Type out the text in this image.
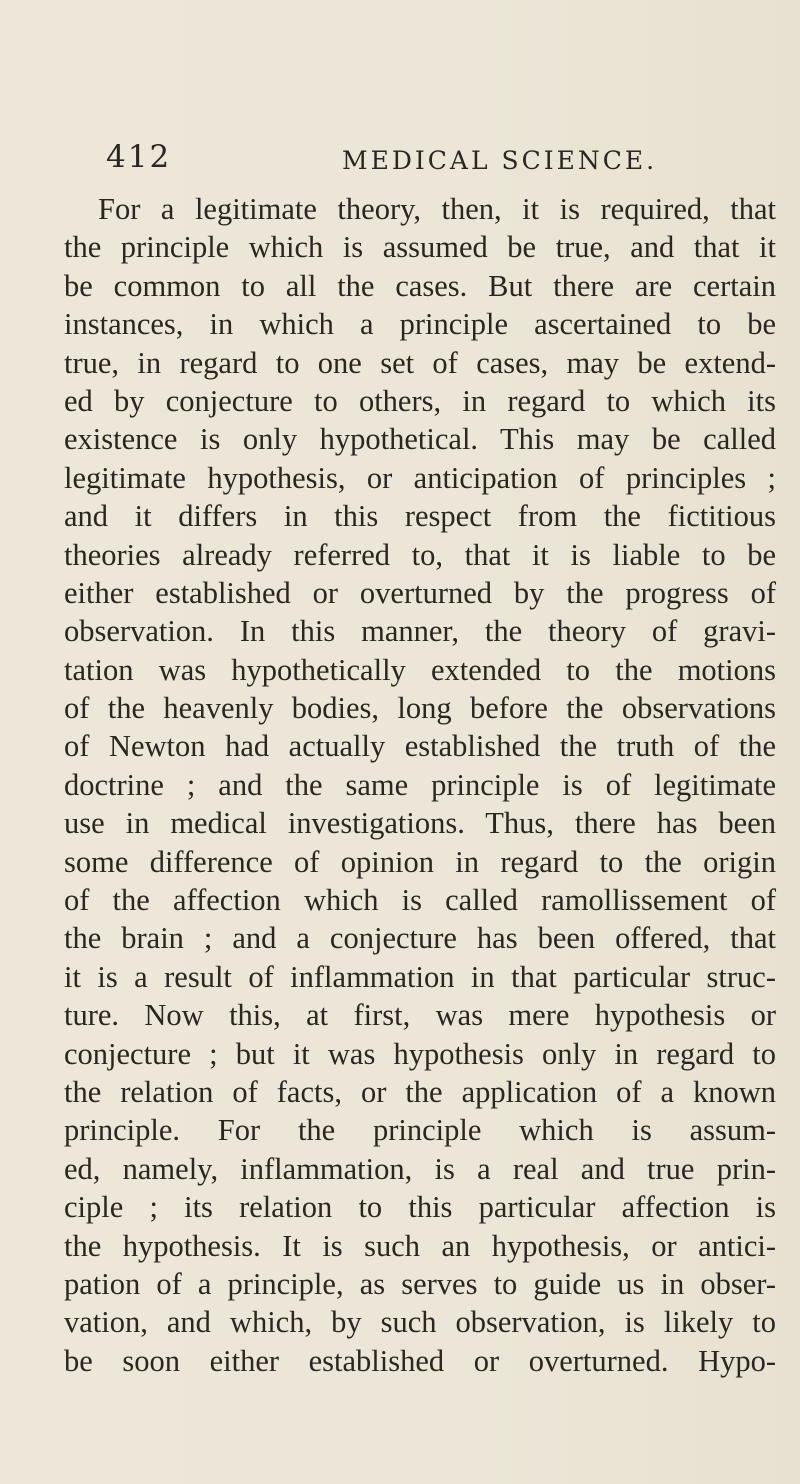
412	MEDICAL SCIENCE.
For a legitimate theory, then, it is required, that
the principle which is assumed be true, and that it
be common to all the cases. But there are certain
instances, in which a principle ascertained to be
true, in regard to one set of cases, may be extend-
ed by conjecture to others, in regard to which its
existence is only hypothetical. This may be called
legitimate hypothesis, or anticipation of principles ;
and it differs in this respect from the fictitious
theories already referred to, that it is liable to be
either established or overturned by the progress of
observation. In this manner, the theory of gravi-
tation was hypothetically extended to the motions
of the heavenly bodies, long before the observations
of Newton had actually established the truth of the
doctrine ; and the same principle is of legitimate
use in medical investigations. Thus, there has been
some difference of opinion in regard to the origin
of the affection which is called ramollissement of
the brain ; and a conjecture has been offered, that
it is a result of inflammation in that particular struc-
ture. Now this, at first, was mere hypothesis or
conjecture ; but it was hypothesis only in regard to
the relation of facts, or the application of a known
principle. For the principle which is assum-
ed, namely, inflammation, is a real and true prin-
ciple ; its relation to this particular affection is
the hypothesis. It is such an hypothesis, or antici-
pation of a principle, as serves to guide us in obser-
vation, and which, by such observation, is likely to
be soon either established or overturned. Hypo-
